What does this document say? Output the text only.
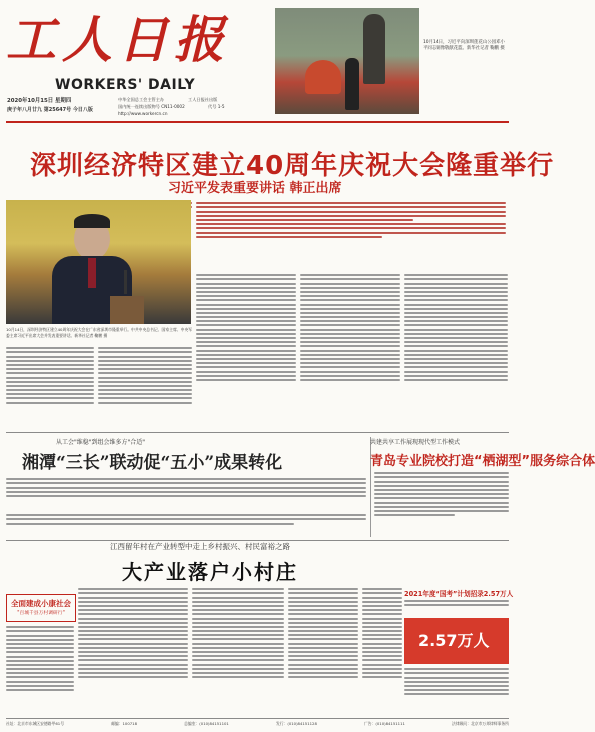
工人日报
WORKERS' DAILY
2020年10月15日 星期四
庚子年八月廿九 第25647号 今日八版
中华全国总工会主管主办	工人日报社出版
国内统一连续出版物号 CN11-0002	代号 1-5
http://www.workercn.cn
10月14日，习近平向深圳莲花山公园邓小平同志铜像敬献花篮。新华社记者 鞠鹏 摄
深圳经济特区建立40周年庆祝大会隆重举行
习近平发表重要讲话 韩正出席
10月14日，深圳经济特区建立40周年庆祝大会在广东省深圳市隆重举行。中共中央总书记、国家主席、中央军委主席习近平出席大会并发表重要讲话。新华社记者 鞠鹏 摄
从工会"维稳"到组会维多方"合适"
湘潭“三长”联动促“五小”成果转化
共建共享工作展现现代型工作模式
青岛专业院校打造“栖湖型”服务综合体
全面建成小康社会
"百城千县万村调研行"
江西留年村在产业转型中走上乡村振兴、村民富裕之路
大产业落户小村庄
2021年度“国考”计划招录2.57万人
2.57万人
社址：北京市东城区安德路甲61号	邮编：100718	总编室：(010)84151101	发行：(010)84151128	广告：(010)84151111	法律顾问：北京市万邦律师事务所
